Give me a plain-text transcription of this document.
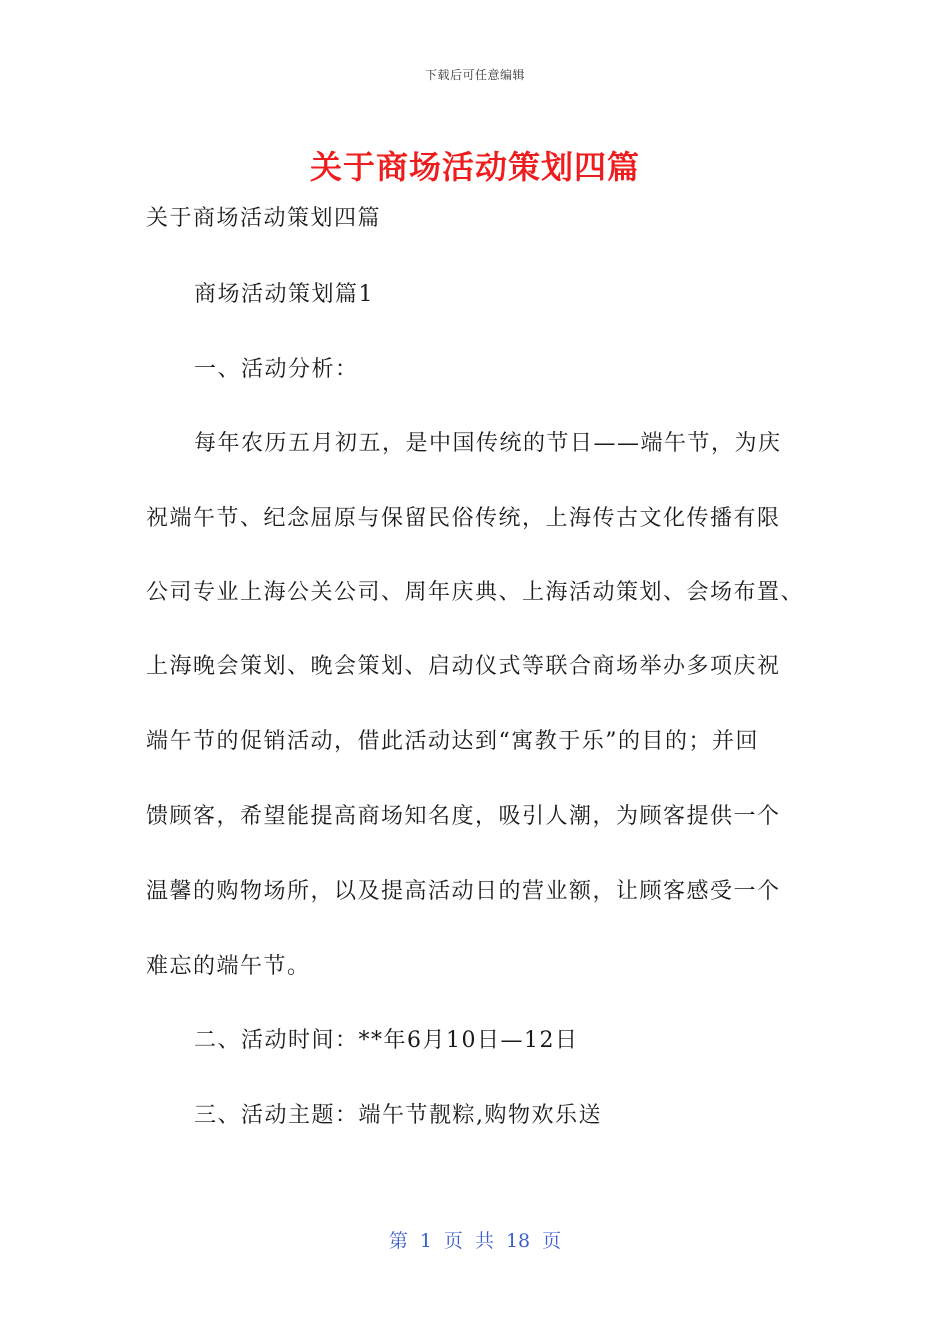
下载后可任意编辑
关于商场活动策划四篇
关于商场活动策划四篇
商场活动策划篇1
一、活动分析：
每年农历五月初五，是中国传统的节日——端午节，为庆
祝端午节、纪念屈原与保留民俗传统，上海传古文化传播有限
公司专业上海公关公司、周年庆典、上海活动策划、会场布置、
上海晚会策划、晚会策划、启动仪式等联合商场举办多项庆祝
端午节的促销活动，借此活动达到“寓教于乐”的目的；并回
馈顾客，希望能提高商场知名度，吸引人潮，为顾客提供一个
温馨的购物场所，以及提高活动日的营业额，让顾客感受一个
难忘的端午节。
二、活动时间：**年6月10日—12日
三、活动主题：端午节靓粽,购物欢乐送
第 1 页 共 18 页
